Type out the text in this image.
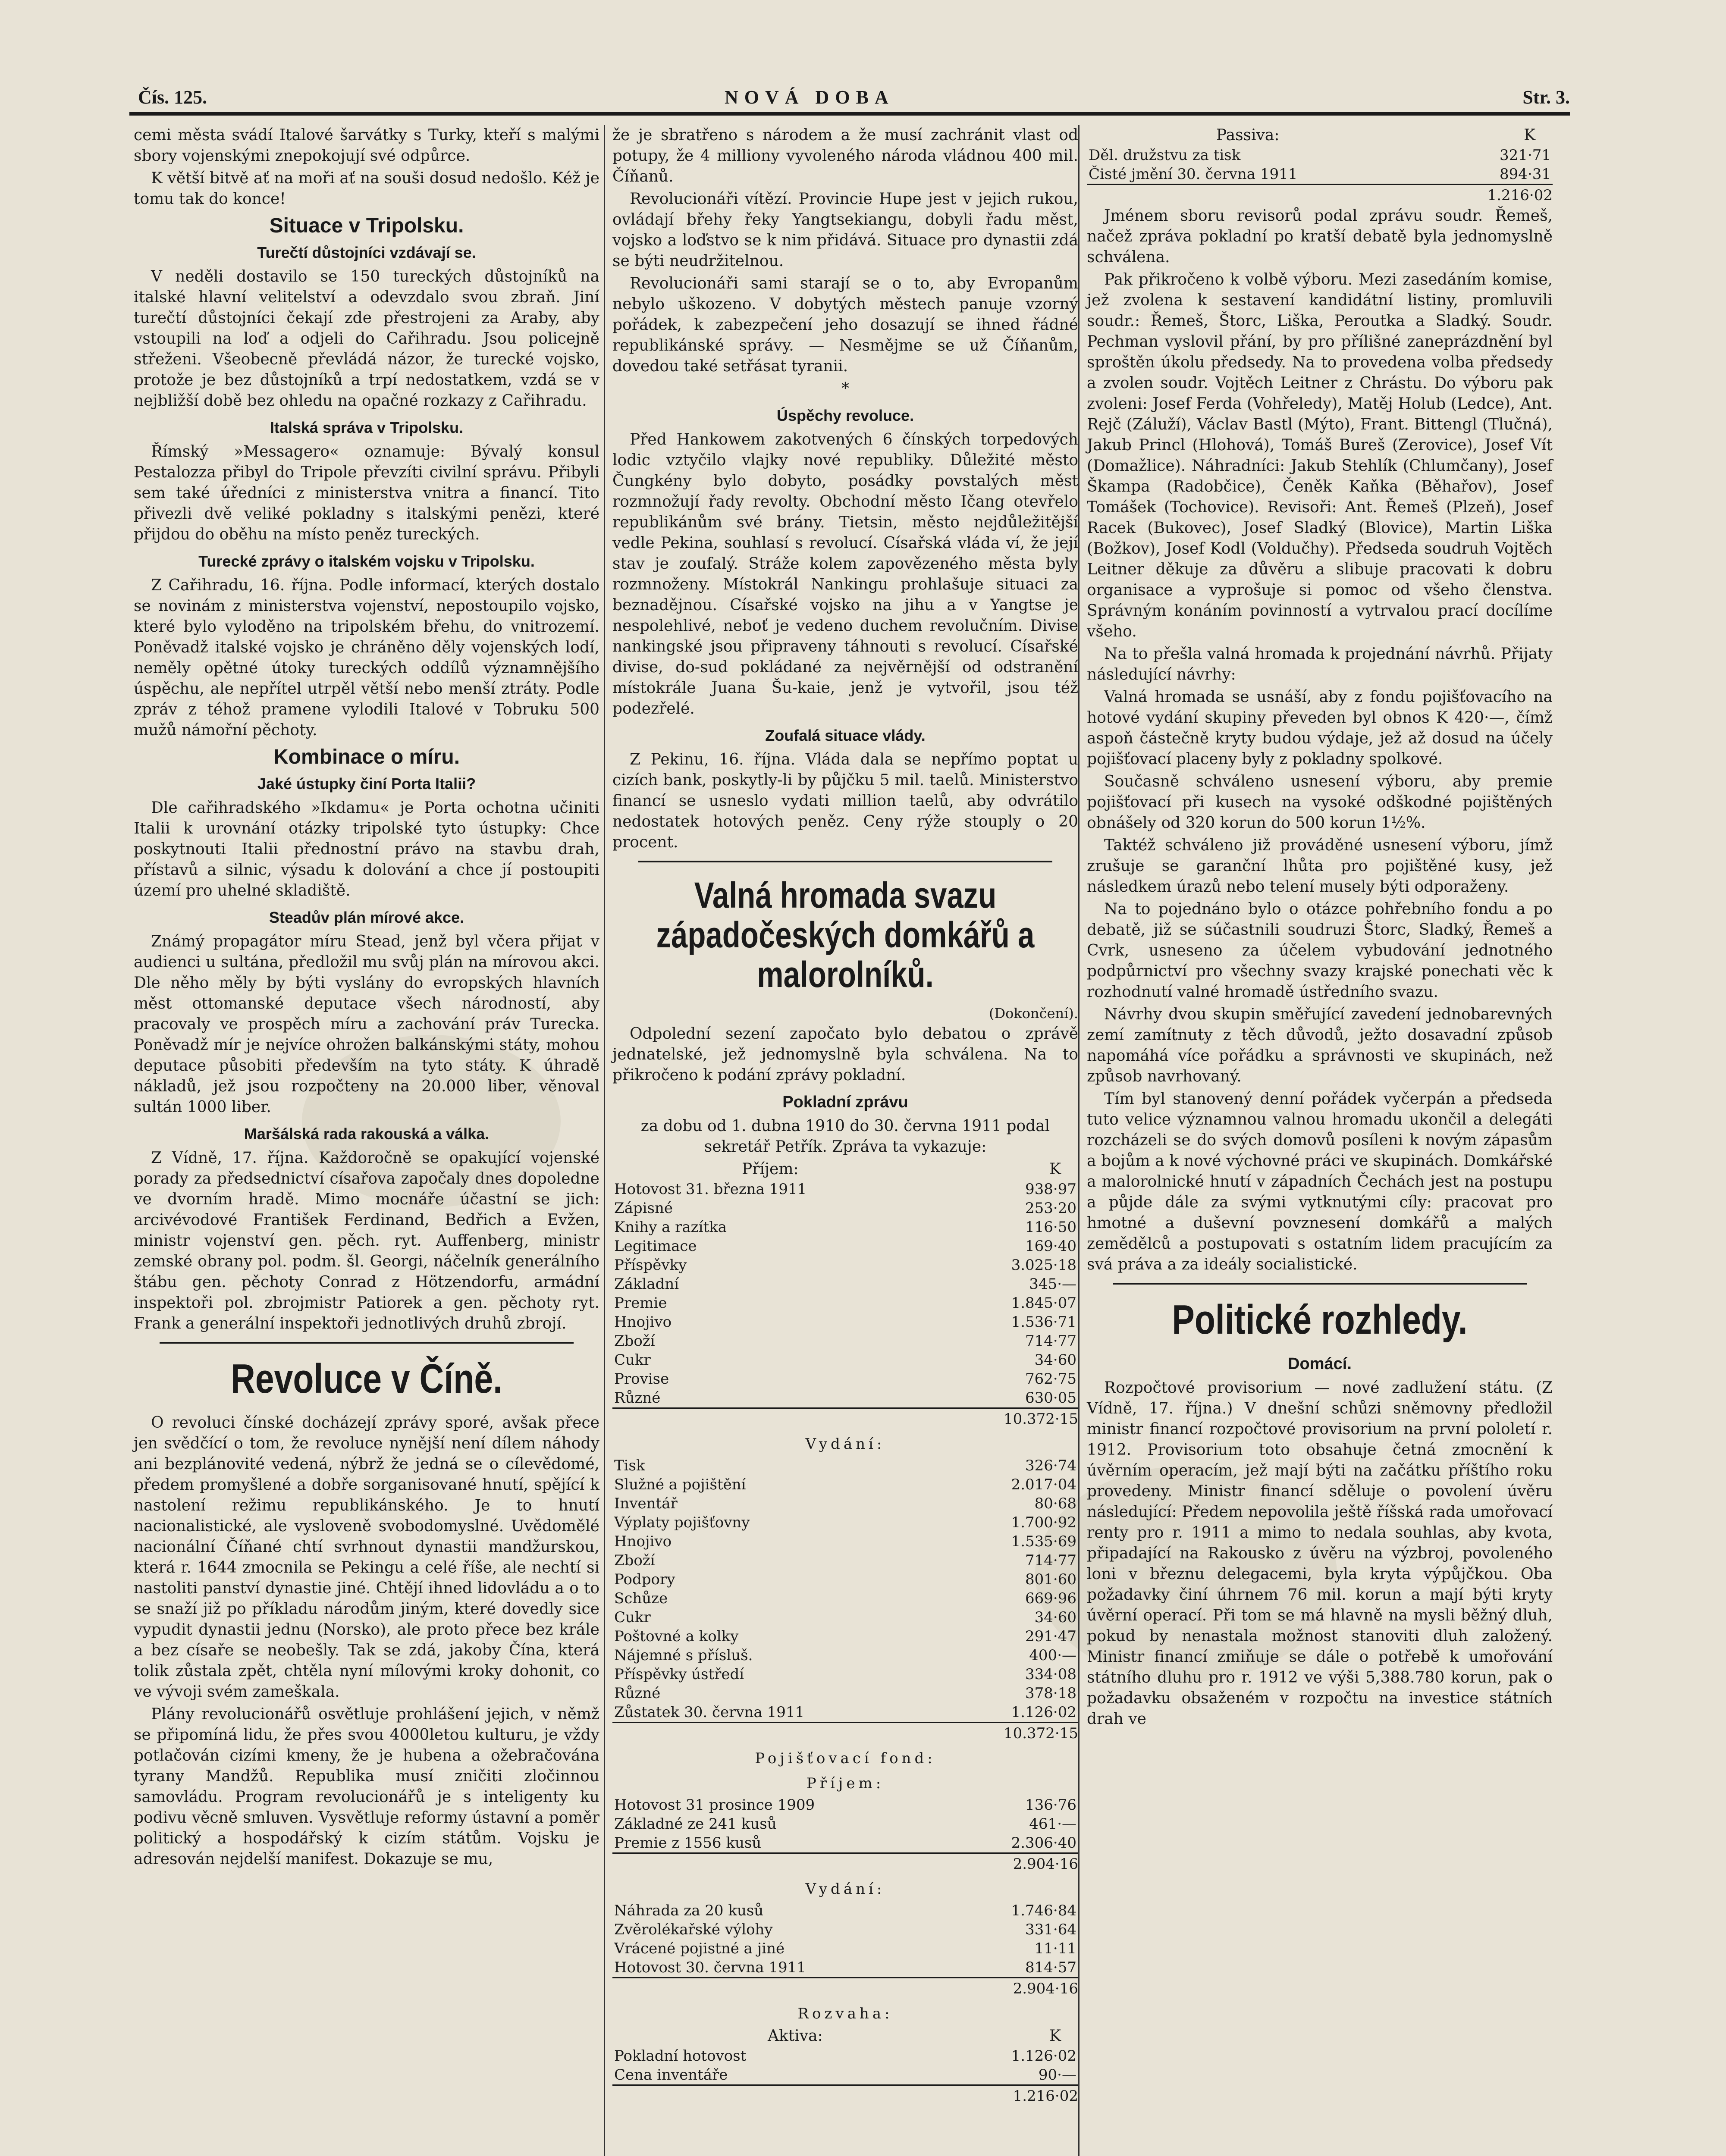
Čís. 125.	NOVÁ DOBA	Str. 3.

cemi města svádí Italové šarvátky s Turky, kteří s malými sbory vojenskými znepokojují své odpůrce.

K větší bitvě ať na moři ať na souši dosud nedošlo. Kéž je tomu tak do konce!

Situace v Tripolsku.
Turečtí důstojníci vzdávají se.

V neděli dostavilo se 150 tureckých důstojníků na italské hlavní velitelství a odevzdalo svou zbraň. Jiní turečtí důstojníci čekají zde přestrojeni za Araby, aby vstoupili na loď a odjeli do Cařihradu. Jsou policejně střeženi. Všeobecně převládá názor, že turecké vojsko, protože je bez důstojníků a trpí nedostatkem, vzdá se v nejbližší době bez ohledu na opačné rozkazy z Cařihradu.

Italská správa v Tripolsku.

Římský »Messagero« oznamuje: Bývalý konsul Pestalozza přibyl do Tripole převzíti civilní správu. Přibyli sem také úředníci z ministerstva vnitra a financí. Tito přivezli dvě veliké pokladny s italskými penězi, které přijdou do oběhu na místo peněz tureckých.

Turecké zprávy o italském vojsku v Tripolsku.

Z Cařihradu, 16. října. Podle informací, kterých dostalo se novinám z ministerstva vojenství, nepostoupilo vojsko, které bylo vyloděno na tripolském břehu, do vnitrozemí. Poněvadž italské vojsko je chráněno děly vojenských lodí, neměly opětné útoky tureckých oddílů významnějšího úspěchu, ale nepřítel utrpěl větší nebo menší ztráty. Podle zpráv z téhož pramene vylodili Italové v Tobruku 500 mužů námořní pěchoty.

Kombinace o míru.
Jaké ústupky činí Porta Italii?

Dle cařihradského »Ikdamu« je Porta ochotna učiniti Italii k urovnání otázky tripolské tyto ústupky: Chce poskytnouti Italii přednostní právo na stavbu drah, přístavů a silnic, výsadu k dolování a chce jí postoupiti území pro uhelné skladiště.

Steadův plán mírové akce.

Známý propagátor míru Stead, jenž byl včera přijat v audienci u sultána, předložil mu svůj plán na mírovou akci. Dle něho měly by býti vyslány do evropských hlavních měst ottomanské deputace všech národností, aby pracovaly ve prospěch míru a zachování práv Turecka. Poněvadž mír je nejvíce ohrožen balkánskými státy, mohou deputace působiti především na tyto státy. K úhradě nákladů, jež jsou rozpočteny na 20.000 liber, věnoval sultán 1000 liber.

Maršálská rada rakouská a válka.

Z Vídně, 17. října. Každoročně se opakující vojenské porady za předsednictví císařova započaly dnes dopoledne ve dvorním hradě. Mimo mocnáře účastní se jich: arcivévodové František Ferdinand, Bedřich a Evžen, ministr vojenství gen. pěch. ryt. Auffenberg, ministr zemské obrany pol. podm. šl. Georgi, náčelník generálního štábu gen. pěchoty Conrad z Hötzendorfu, armádní inspektoři pol. zbrojmistr Patiorek a gen. pěchoty ryt. Frank a generální inspektoři jednotlivých druhů zbrojí.

Revoluce v Číně.

O revoluci čínské docházejí zprávy sporé, avšak přece jen svědčící o tom, že revoluce nynější není dílem náhody ani bezplánovité vedená, nýbrž že jedná se o cílevědomé, předem promyšlené a dobře sorganisované hnutí, spějící k nastolení režimu republikánského. Je to hnutí nacionalistické, ale vysloveně svobodomyslné. Uvědomělé nacionální Číňané chtí svrhnout dynastii mandžurskou, která r. 1644 zmocnila se Pekingu a celé říše, ale nechtí si nastoliti panství dynastie jiné. Chtějí ihned lidovládu a o to se snaží již po příkladu národům jiným, které dovedly sice vypudit dynastii jednu (Norsko), ale proto přece bez krále a bez císaře se neobešly. Tak se zdá, jakoby Čína, která tolik zůstala zpět, chtěla nyní mílovými kroky dohonit, co ve vývoji svém zameškala.

Plány revolucionářů osvětluje prohlášení jejich, v němž se připomíná lidu, že přes svou 4000letou kulturu, je vždy potlačován cizími kmeny, že je hubena a ožebračována tyrany Mandžů. Republika musí zničiti zločinnou samovládu. Program revolucionářů je s inteligenty ku podivu věcně smluven. Vysvětluje reformy ústavní a poměr politický a hospodářský k cizím státům. Vojsku je adresován nejdelší manifest. Dokazuje se mu,

že je sbratřeno s národem a že musí zachránit vlast od potupy, že 4 milliony vyvoleného národa vládnou 400 mil. Číňanů.

Revolucionáři vítězí. Provincie Hupe jest v jejich rukou, ovládají břehy řeky Yangtsekiangu, dobyli řadu měst, vojsko a loďstvo se k nim přidává. Situace pro dynastii zdá se býti neudržitelnou.

Revolucionáři sami starají se o to, aby Evropanům nebylo uškozeno. V dobytých městech panuje vzorný pořádek, k zabezpečení jeho dosazují se ihned řádné republikánské správy. — Nesmějme se už Číňanům, dovedou také setřásat tyranii.

*
Úspěchy revoluce.

Před Hankowem zakotvených 6 čínských torpedových lodic vztyčilo vlajky nové republiky. Důležité město Čungkény bylo dobyto, posádky povstalých měst rozmnožují řady revolty. Obchodní město Ičang otevřelo republikánům své brány. Tietsin, město nejdůležitější vedle Pekina, souhlasí s revolucí. Císařská vláda ví, že její stav je zoufalý. Stráže kolem zapovězeného města byly rozmnoženy. Místokrál Nankingu prohlašuje situaci za beznadějnou. Císařské vojsko na jihu a v Yangtse je nespolehlivé, neboť je vedeno duchem revolučním. Divise nankingské jsou připraveny táhnouti s revolucí. Císařské divise, do-sud pokládané za nejvěrnější od odstranění místokrále Juana Šu-kaie, jenž je vytvořil, jsou též podezřelé.

Zoufalá situace vlády.

Z Pekinu, 16. října. Vláda dala se nepřímo poptat u cizích bank, poskytly-li by půjčku 5 mil. taelů. Ministerstvo financí se usneslo vydati million taelů, aby odvrátilo nedostatek hotových peněz. Ceny rýže stouply o 20 procent.

Valná hromada svazu západočeských domkářů a malorolníků.
(Dokončení).

Odpolední sezení započato bylo debatou o zprávě jednatelské, jež jednomyslně byla schválena. Na to přikročeno k podání zprávy pokladní.

Pokladní zprávu

za dobu od 1. dubna 1910 do 30. června 1911 podal sekretář Petřík. Zpráva ta vykazuje:

Příjem:	K
Hotovost 31. března 1911	938·97
Zápisné	253·20
Knihy a razítka	116·50
Legitimace	169·40
Příspěvky	3.025·18
Základní	345·—
Premie	1.845·07
Hnojivo	1.536·71
Zboží	714·77
Cukr	34·60
Provise	762·75
Různé	630·05
10.372·15
Vydání:
Tisk	326·74
Služné a pojištění	2.017·04
Inventář	80·68
Výplaty pojišťovny	1.700·92
Hnojivo	1.535·69
Zboží	714·77
Podpory	801·60
Schůze	669·96
Cukr	34·60
Poštovné a kolky	291·47
Nájemné s přísluš.	400·—
Příspěvky ústředí	334·08
Různé	378·18
Zůstatek 30. června 1911	1.126·02
10.372·15
Pojišťovací fond:
Příjem:
Hotovost 31 prosince 1909	136·76
Základné ze 241 kusů	461·—
Premie z 1556 kusů	2.306·40
2.904·16
Vydání:
Náhrada za 20 kusů	1.746·84
Zvěrolékařské výlohy	331·64
Vrácené pojistné a jiné	11·11
Hotovost 30. června 1911	814·57
2.904·16
Rozvaha:
Aktiva:	K
Pokladní hotovost	1.126·02
Cena inventáře	90·—
1.216·02
Passiva:	K
Děl. družstvu za tisk	321·71
Čisté jmění 30. června 1911	894·31
1.216·02

Jménem sboru revisorů podal zprávu soudr. Řemeš, načež zpráva pokladní po kratší debatě byla jednomyslně schválena.

Pak přikročeno k volbě výboru. Mezi zasedáním komise, jež zvolena k sestavení kandidátní listiny, promluvili soudr.: Řemeš, Štorc, Liška, Peroutka a Sladký. Soudr. Pechman vyslovil přání, by pro přílišné zaneprázdnění byl sproštěn úkolu předsedy. Na to provedena volba předsedy a zvolen soudr. Vojtěch Leitner z Chrástu. Do výboru pak zvoleni: Josef Ferda (Vohřeledy), Matěj Holub (Ledce), Ant. Rejč (Záluží), Václav Bastl (Mýto), Frant. Bittengl (Tlučná), Jakub Princl (Hlohová), Tomáš Bureš (Zerovice), Josef Vít (Domažlice). Náhradníci: Jakub Stehlík (Chlumčany), Josef Škampa (Radobčice), Čeněk Kaňka (Běhařov), Josef Tomášek (Tochovice). Revisoři: Ant. Řemeš (Plzeň), Josef Racek (Bukovec), Josef Sladký (Blovice), Martin Liška (Božkov), Josef Kodl (Voldučhy). Předseda soudruh Vojtěch Leitner děkuje za důvěru a slibuje pracovati k dobru organisace a vyprošuje si pomoc od všeho členstva. Správným konáním povinností a vytrvalou prací docílíme všeho.

Na to přešla valná hromada k projednání návrhů. Přijaty následující návrhy:

Valná hromada se usnáší, aby z fondu pojišťovacího na hotové vydání skupiny převeden byl obnos K 420·—, čímž aspoň částečně kryty budou výdaje, jež až dosud na účely pojišťovací placeny byly z pokladny spolkové.

Současně schváleno usnesení výboru, aby premie pojišťovací při kusech na vysoké odškodné pojištěných obnášely od 320 korun do 500 korun 1½%.

Taktéž schváleno již prováděné usnesení výboru, jímž zrušuje se garanční lhůta pro pojištěné kusy, jež následkem úrazů nebo telení musely býti odporaženy.

Na to pojednáno bylo o otázce pohřebního fondu a po debatě, již se súčastnili soudruzi Štorc, Sladký, Řemeš a Cvrk, usneseno za účelem vybudování jednotného podpůrnictví pro všechny svazy krajské ponechati věc k rozhodnutí valné hromadě ústředního svazu.

Návrhy dvou skupin směřující zavedení jednobarevných zemí zamítnuty z těch důvodů, ježto dosavadní způsob napomáhá více pořádku a správnosti ve skupinách, než způsob navrhovaný.

Tím byl stanovený denní pořádek vyčerpán a předseda tuto velice významnou valnou hromadu ukončil a delegáti rozcházeli se do svých domovů posíleni k novým zápasům a bojům a k nové výchovné práci ve skupinách. Domkářské a malorolnické hnutí v západních Čechách jest na postupu a půjde dále za svými vytknutými cíly: pracovat pro hmotné a duševní povznesení domkářů a malých zemědělců a postupovati s ostatním lidem pracujícím za svá práva a za ideály socialistické.

Politické rozhledy.
Domácí.

Rozpočtové provisorium — nové zadlužení státu. (Z Vídně, 17. října.) V dnešní schůzi sněmovny předložil ministr financí rozpočtové provisorium na první pololetí r. 1912. Provisorium toto obsahuje četná zmocnění k úvěrním operacím, jež mají býti na začátku příštího roku provedeny. Ministr financí sděluje o povolení úvěru následující: Předem nepovolila ještě říšská rada umořovací renty pro r. 1911 a mimo to nedala souhlas, aby kvota, připadající na Rakousko z úvěru na výzbroj, povoleného loni v březnu delegacemi, byla kryta výpůjčkou. Oba požadavky činí úhrnem 76 mil. korun a mají býti kryty úvěrní operací. Při tom se má hlavně na mysli běžný dluh, pokud by nenastala možnost stanoviti dluh založený. Ministr financí zmiňuje se dále o potřebě k umořování státního dluhu pro r. 1912 ve výši 5,388.780 korun, pak o požadavku obsaženém v rozpočtu na investice státních drah ve
